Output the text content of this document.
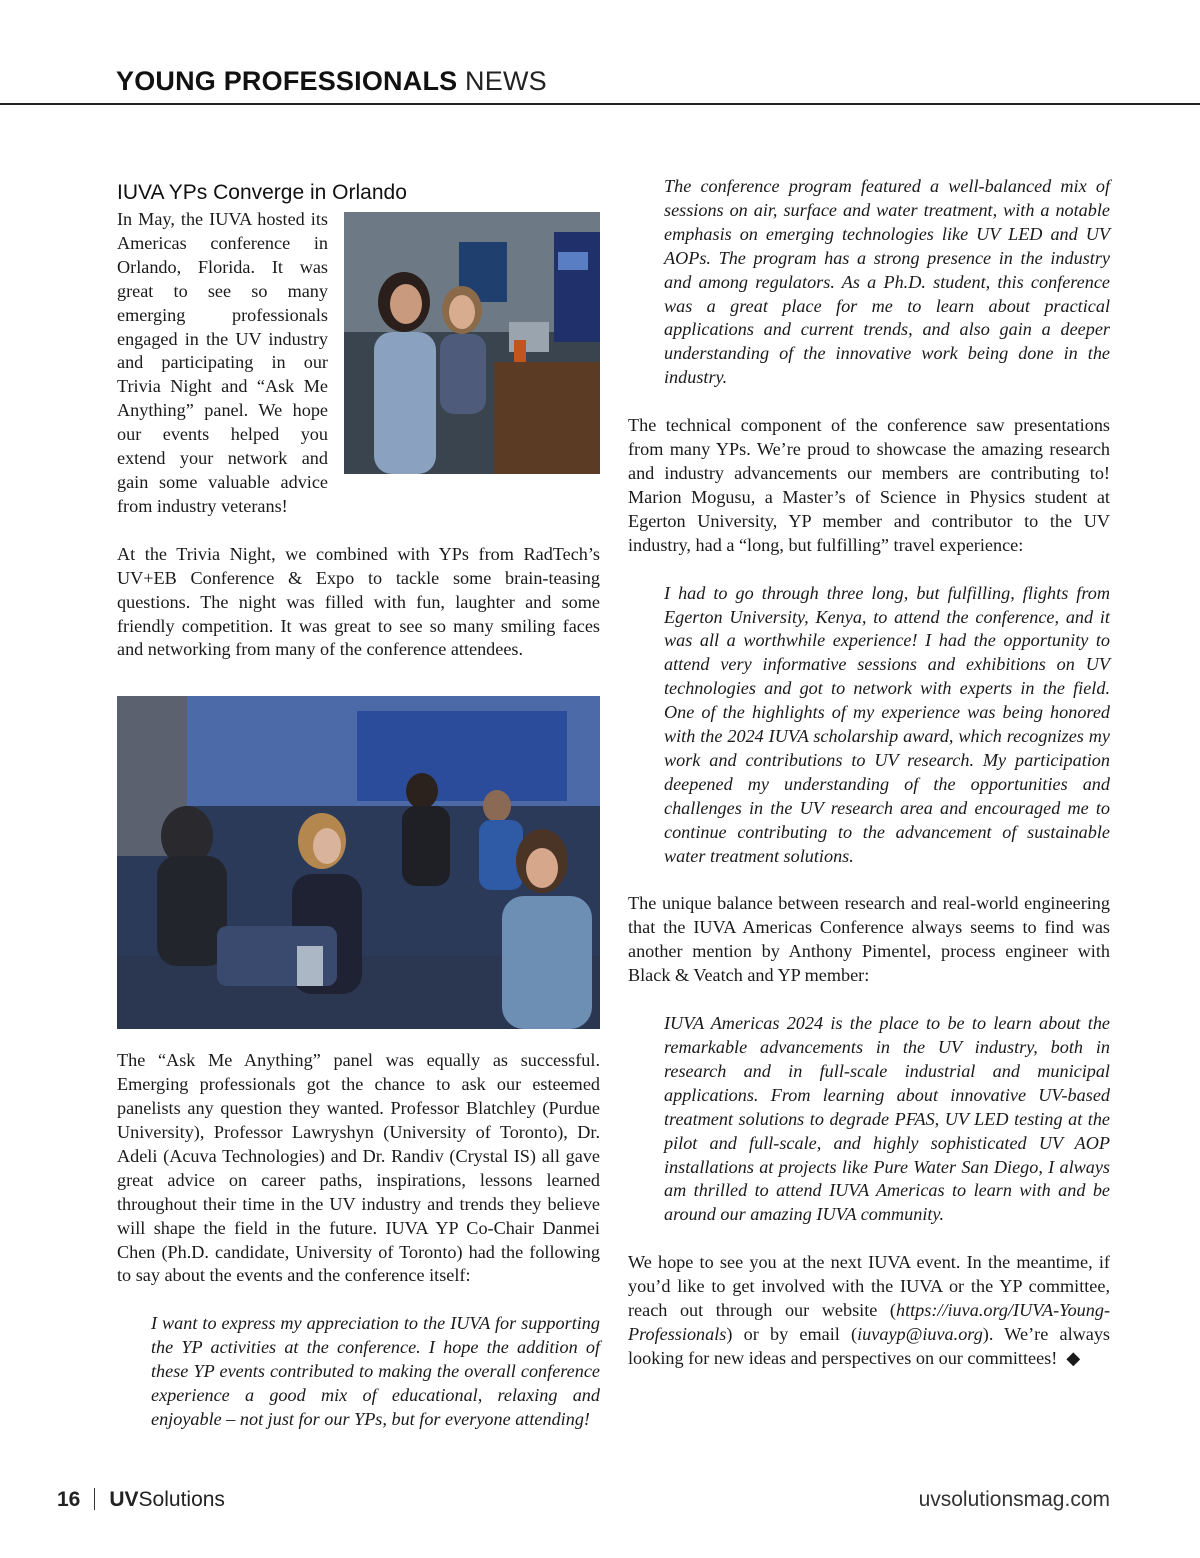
YOUNG PROFESSIONALS NEWS
IUVA YPs Converge in Orlando

In May, the IUVA hosted its Americas conference in Orlando, Florida. It was great to see so many emerging professionals engaged in the UV industry and participating in our Trivia Night and “Ask Me Anything” panel. We hope our events helped you extend your network and gain some valuable advice from industry veterans!

At the Trivia Night, we combined with YPs from RadTech’s UV+EB Conference & Expo to tackle some brain-teasing questions. The night was filled with fun, laughter and some friendly competition. It was great to see so many smiling faces and networking from many of the conference attendees.

The “Ask Me Anything” panel was equally as successful. Emerging professionals got the chance to ask our esteemed panelists any question they wanted. Professor Blatchley (Purdue University), Professor Lawryshyn (University of Toronto), Dr. Adeli (Acuva Technologies) and Dr. Randiv (Crystal IS) all gave great advice on career paths, inspirations, lessons learned throughout their time in the UV industry and trends they believe will shape the field in the future. IUVA YP Co-Chair Danmei Chen (Ph.D. candidate, University of Toronto) had the following to say about the events and the conference itself:

I want to express my appreciation to the IUVA for supporting the YP activities at the conference. I hope the addition of these YP events contributed to making the overall conference experience a good mix of educational, relaxing and enjoyable – not just for our YPs, but for everyone attending!

The conference program featured a well-balanced mix of sessions on air, surface and water treatment, with a notable emphasis on emerging technologies like UV LED and UV AOPs. The program has a strong presence in the industry and among regulators. As a Ph.D. student, this conference was a great place for me to learn about practical applications and current trends, and also gain a deeper understanding of the innovative work being done in the industry.

The technical component of the conference saw presentations from many YPs. We’re proud to showcase the amazing research and industry advancements our members are contributing to! Marion Mogusu, a Master’s of Science in Physics student at Egerton University, YP member and contributor to the UV industry, had a “long, but fulfilling” travel experience:

I had to go through three long, but fulfilling, flights from Egerton University, Kenya, to attend the conference, and it was all a worthwhile experience! I had the opportunity to attend very informative sessions and exhibitions on UV technologies and got to network with experts in the field. One of the highlights of my experience was being honored with the 2024 IUVA scholarship award, which recognizes my work and contributions to UV research. My participation deepened my understanding of the opportunities and challenges in the UV research area and encouraged me to continue contributing to the advancement of sustainable water treatment solutions.

The unique balance between research and real-world engineering that the IUVA Americas Conference always seems to find was another mention by Anthony Pimentel, process engineer with Black & Veatch and YP member:

IUVA Americas 2024 is the place to be to learn about the remarkable advancements in the UV industry, both in research and in full-scale industrial and municipal applications. From learning about innovative UV-based treatment solutions to degrade PFAS, UV LED testing at the pilot and full-scale, and highly sophisticated UV AOP installations at projects like Pure Water San Diego, I always am thrilled to attend IUVA Americas to learn with and be around our amazing IUVA community.

We hope to see you at the next IUVA event. In the meantime, if you’d like to get involved with the IUVA or the YP committee, reach out through our website (https://iuva.org/IUVA-Young-Professionals) or by email (iuvayp@iuva.org). We’re always looking for new ideas and perspectives on our committees! ◆

16 UVSolutions	uvsolutionsmag.com
